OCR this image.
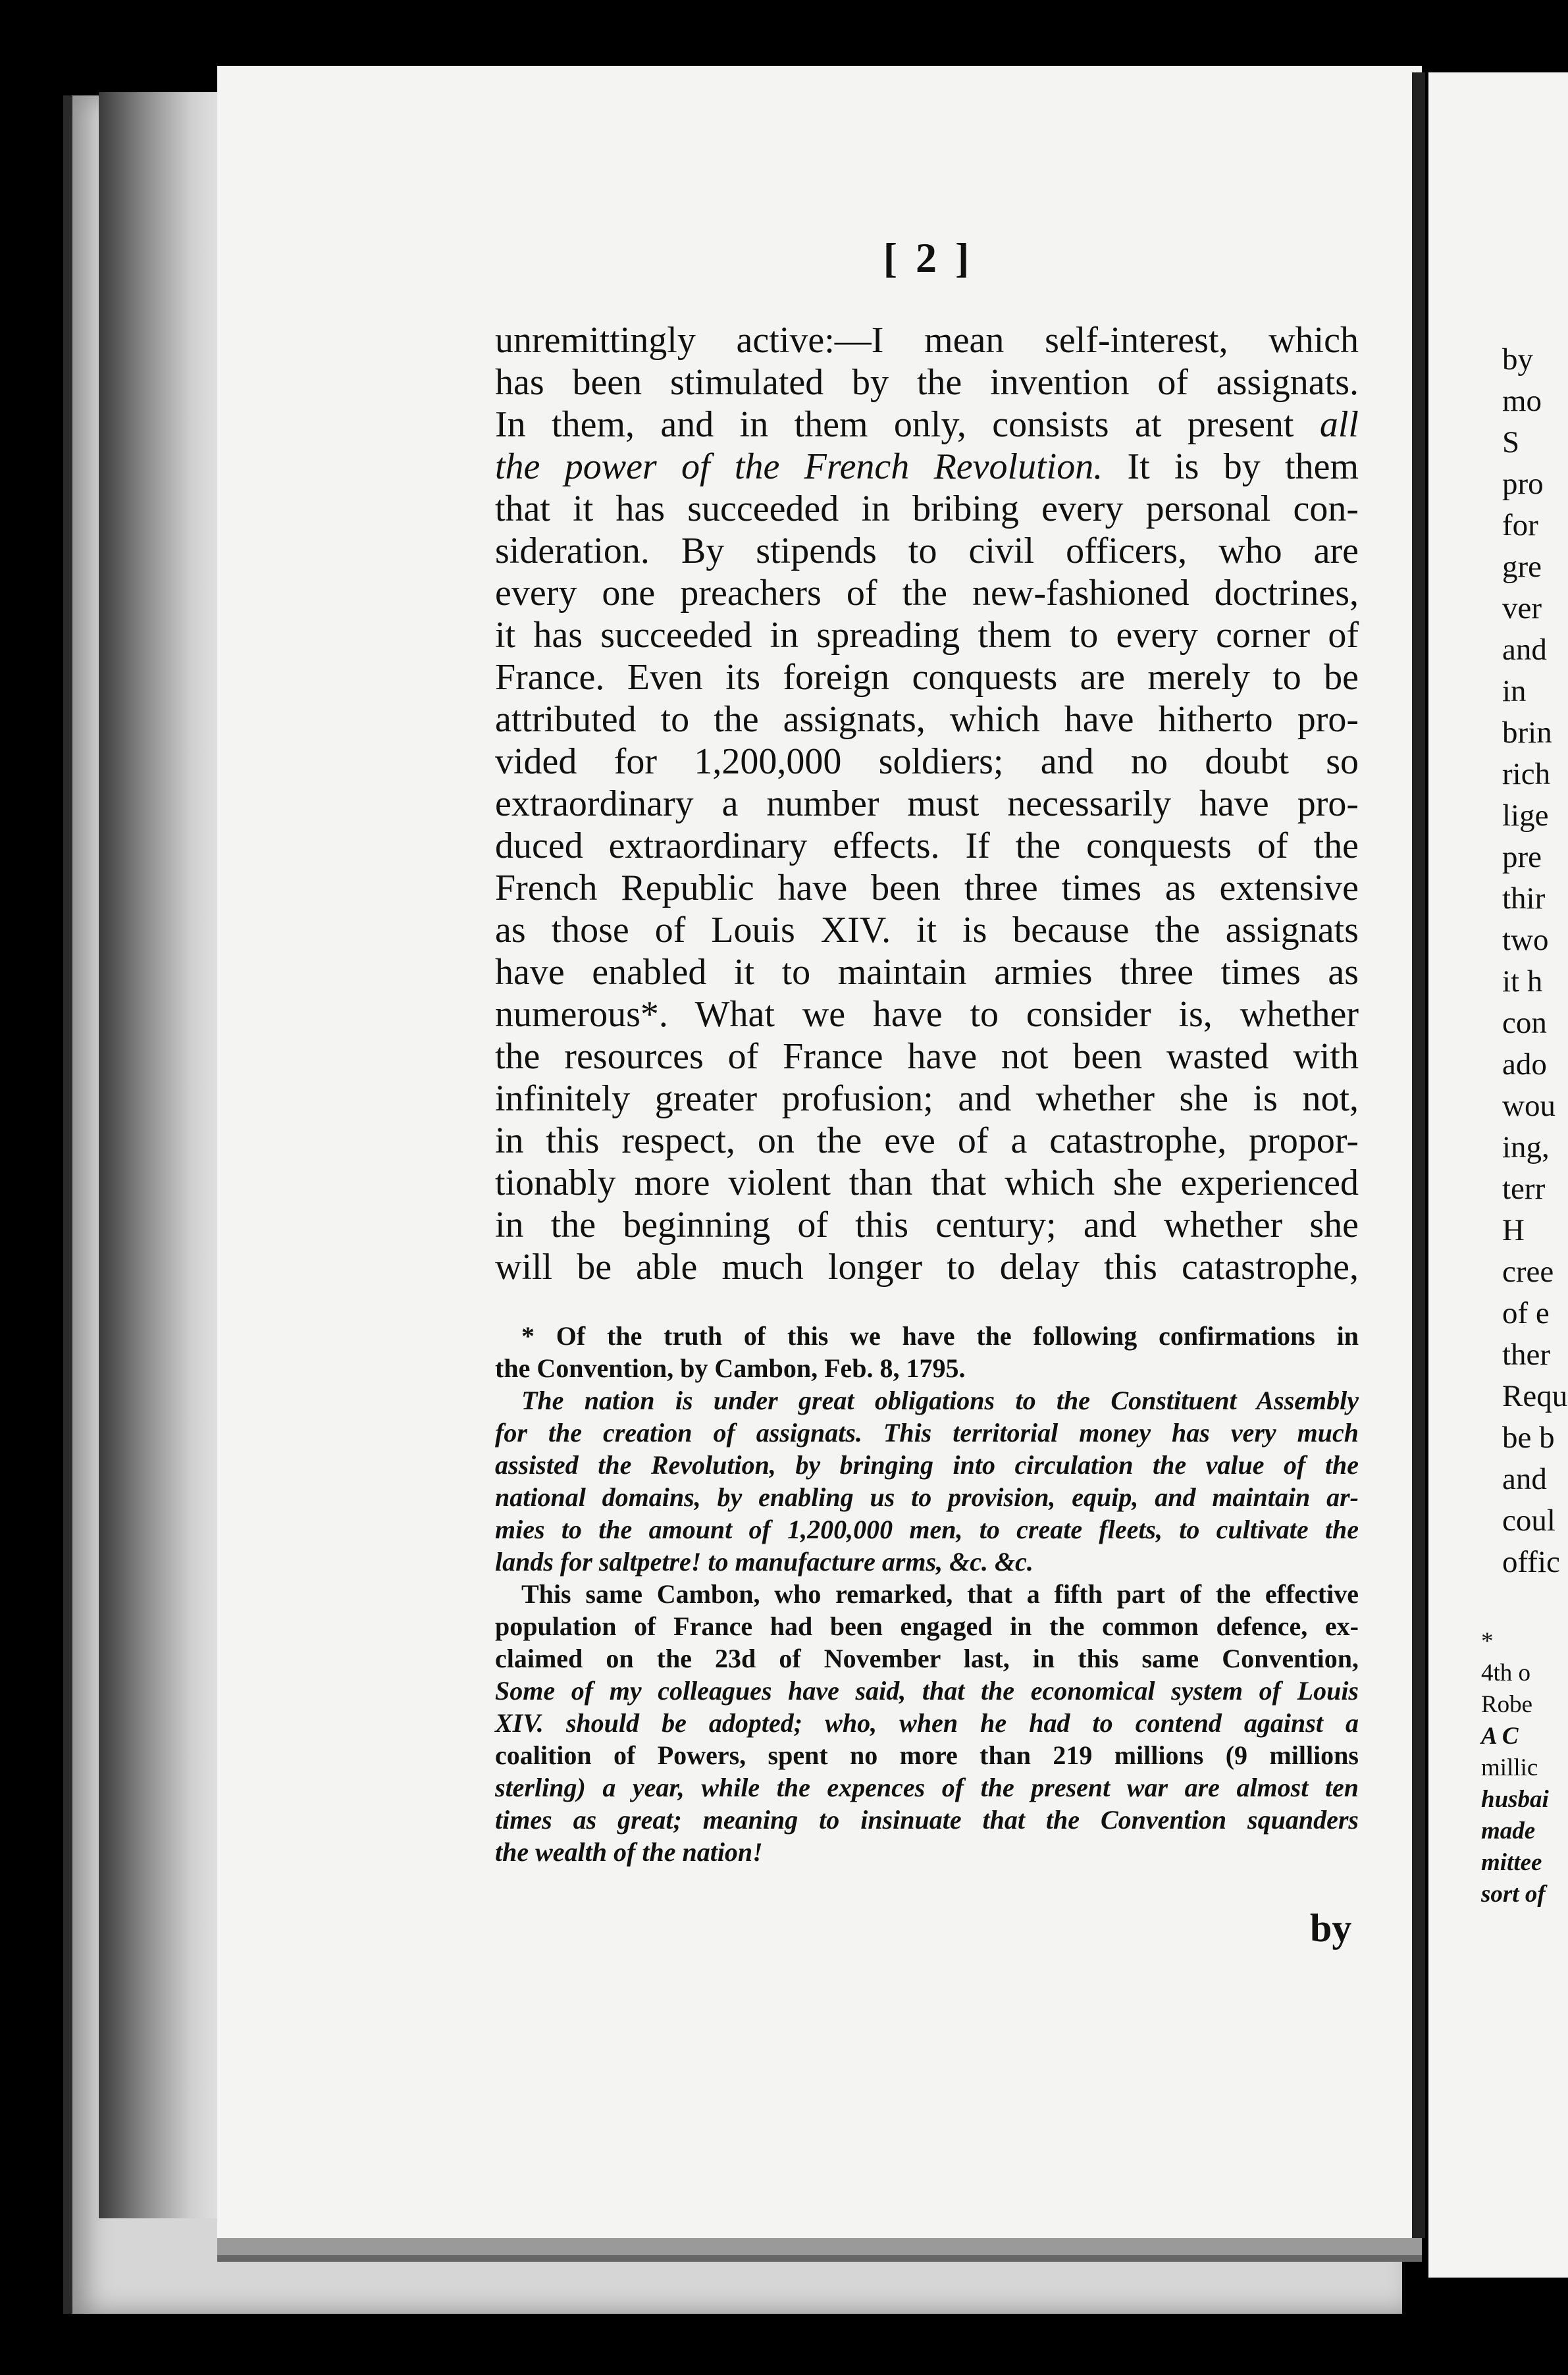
[ 2 ]
unremittingly active:—I mean self-interest, which
has been stimulated by the invention of assignats.
In them, and in them only, consists at present all
the power of the French Revolution. It is by them
that it has succeeded in bribing every personal con-
sideration. By stipends to civil officers, who are
every one preachers of the new-fashioned doctrines,
it has succeeded in spreading them to every corner of
France. Even its foreign conquests are merely to be
attributed to the assignats, which have hitherto pro-
vided for 1,200,000 soldiers; and no doubt so
extraordinary a number must necessarily have pro-
duced extraordinary effects. If the conquests of the
French Republic have been three times as extensive
as those of Louis XIV. it is because the assignats
have enabled it to maintain armies three times as
numerous*. What we have to consider is, whether
the resources of France have not been wasted with
infinitely greater profusion; and whether she is not,
in this respect, on the eve of a catastrophe, propor-
tionably more violent than that which she experienced
in the beginning of this century; and whether she
will be able much longer to delay this catastrophe,
* Of the truth of this we have the following confirmations in
the Convention, by Cambon, Feb. 8, 1795.
The nation is under great obligations to the Constituent Assembly
for the creation of assignats. This territorial money has very much
assisted the Revolution, by bringing into circulation the value of the
national domains, by enabling us to provision, equip, and maintain ar-
mies to the amount of 1,200,000 men, to create fleets, to cultivate the
lands for saltpetre! to manufacture arms, &c. &c.
This same Cambon, who remarked, that a fifth part of the effective
population of France had been engaged in the common defence, ex-
claimed on the 23d of November last, in this same Convention,
Some of my colleagues have said, that the economical system of Louis
XIV. should be adopted; who, when he had to contend against a
coalition of Powers, spent no more than 219 millions (9 millions
sterling) a year, while the expences of the present war are almost ten
times as great; meaning to insinuate that the Convention squanders
the wealth of the nation!
by
by
mo
S
pro
for
gre
ver
and
in
brin
rich
lige
pre
thir
two
it h
con
ado
wou
ing,
terr
H
cree
of e
ther
Requ
be b
and
coul
offic
*
4th o
Robe
A C
millic
husbai
made
mittee
sort of
